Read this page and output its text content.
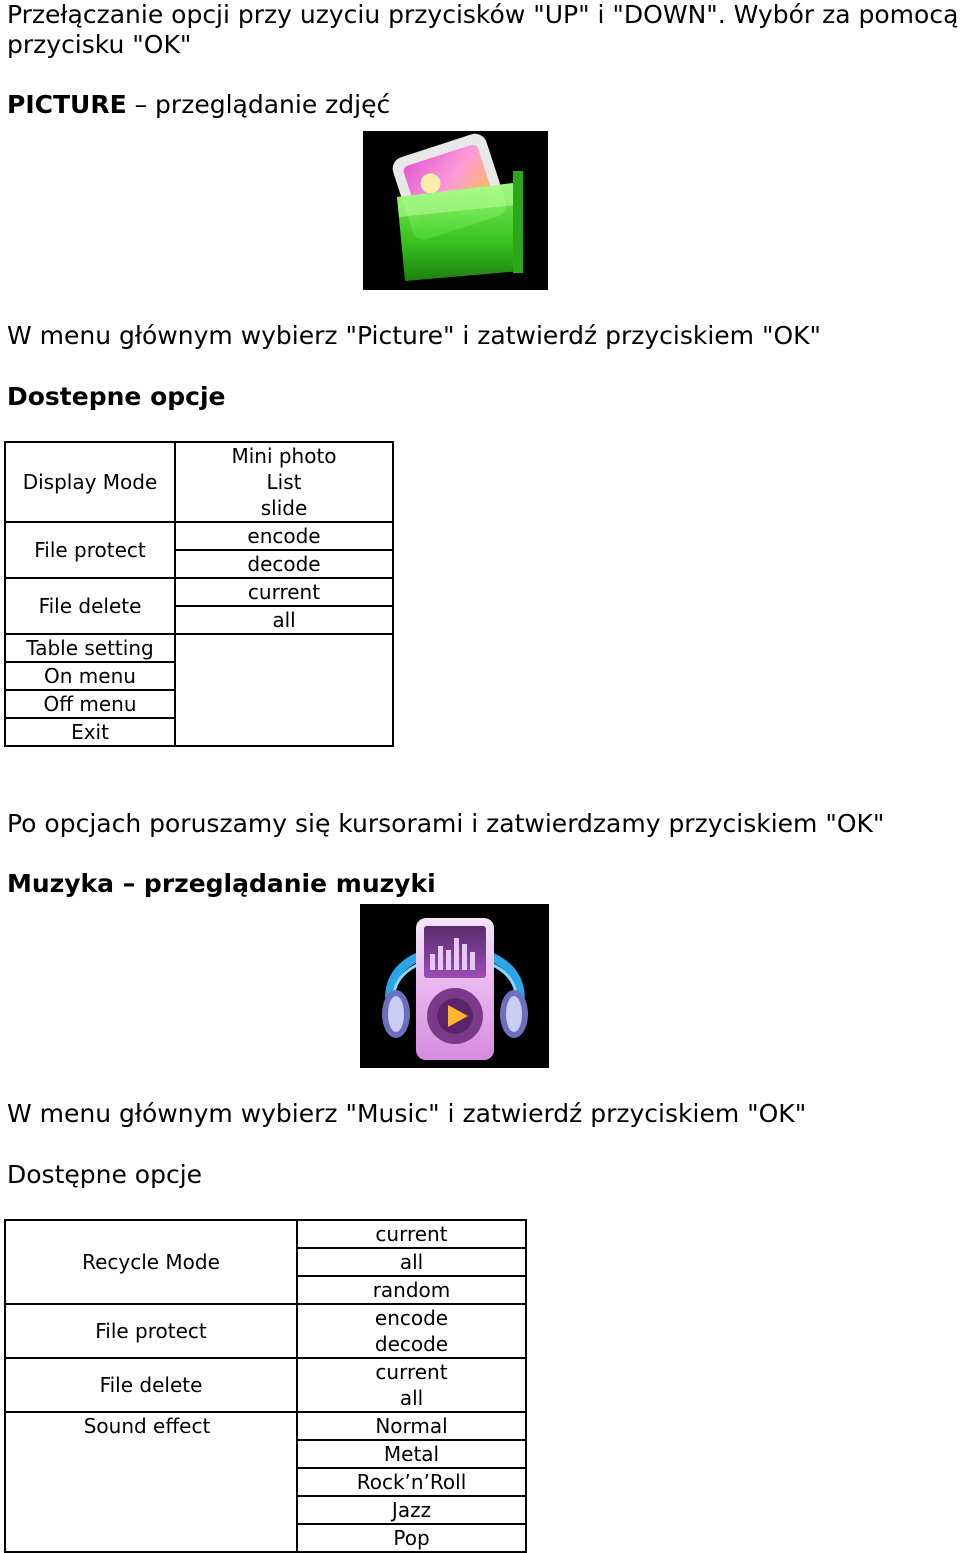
Przełączanie opcji przy uzyciu przycisków "UP" i "DOWN". Wybór za pomocą

przycisku "OK"

PICTURE – przeglądanie zdjęć

W menu głównym wybierz "Picture" i zatwierdź przyciskiem "OK"

Dostepne opcje

Display Mode	Mini photo
List
slide

File protect	encode
decode

File delete	current
all

Table setting	
On menu	
Off menu	
Exit	

Po opcjach poruszamy się kursorami i zatwierdzamy przyciskiem "OK"

Muzyka – przeglądanie muzyki

W menu głównym wybierz "Music" i zatwierdź przyciskiem "OK"

Dostępne opcje

Recycle Mode	current
all
random

File protect	encode
decode

File delete	current
all

Sound effect	Normal
Metal
Rock’n’Roll
Jazz
Pop
